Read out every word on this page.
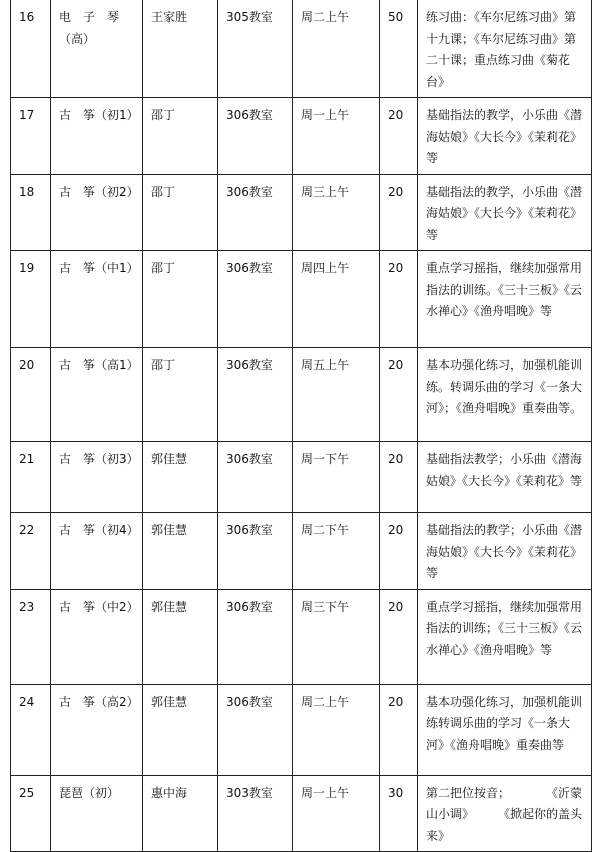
16	电　子　琴（高）	王家胜	305教室	周二上午	50	练习曲：《车尔尼练习曲》第十九课；《车尔尼练习曲》第二十课；重点练习曲《菊花台》
17	古　筝（初1）	邵丁	306教室	周一上午	20	基础指法的教学，小乐曲《潜海姑娘》《大长今》《茉莉花》等
18	古　筝（初2）	邵丁	306教室	周三上午	20	基础指法的教学，小乐曲《潜海姑娘》《大长今》《茉莉花》等
19	古　筝（中1）	邵丁	306教室	周四上午	20	重点学习摇指，继续加强常用指法的训练。《三十三板》《云水禅心》《渔舟唱晚》等
20	古　筝（高1）	邵丁	306教室	周五上午	20	基本功强化练习，加强机能训练。转调乐曲的学习《一条大河》；《渔舟唱晚》重奏曲等。
21	古　筝（初3）	郭佳慧	306教室	周一下午	20	基础指法教学；小乐曲《潜海姑娘》《大长今》《茉莉花》等
22	古　筝（初4）	郭佳慧	306教室	周二下午	20	基础指法的教学；小乐曲《潜海姑娘》《大长今》《茉莉花》等
23	古　筝（中2）	郭佳慧	306教室	周三下午	20	重点学习摇指，继续加强常用指法的训练；《三十三板》《云水禅心》《渔舟唱晚》等
24	古　筝（高2）	郭佳慧	306教室	周二上午	20	基本功强化练习，加强机能训练转调乐曲的学习《一条大河》《渔舟唱晚》重奏曲等
25	琵琶（初）	惠中海	303教室	周一上午	30	第二把位按音；　　　　《沂蒙山小调》　　　《掀起你的盖头来》
